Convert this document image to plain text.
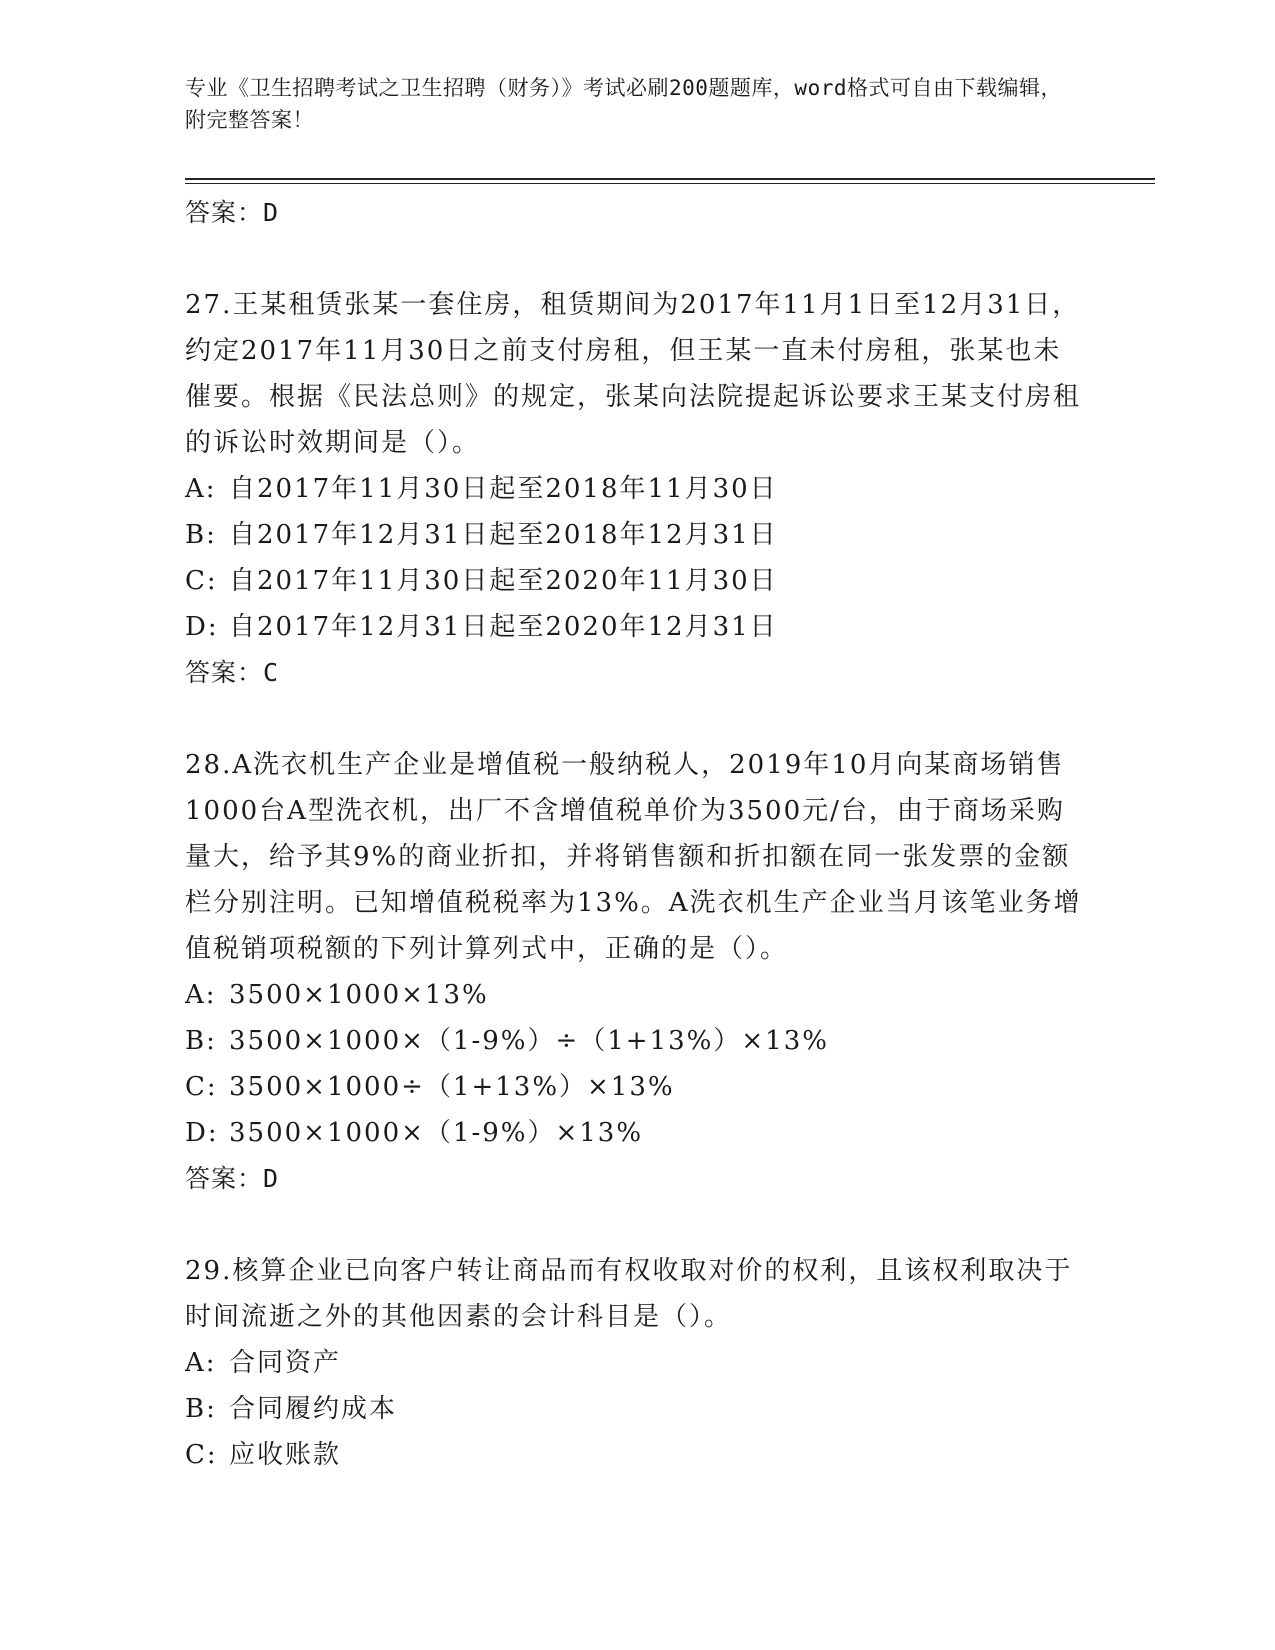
专业《卫生招聘考试之卫生招聘（财务）》考试必刷200题题库，word格式可自由下载编辑，附完整答案！
答案：D
27.王某租赁张某一套住房，租赁期间为2017年11月1日至12月31日，约定2017年11月30日之前支付房租，但王某一直未付房租，张某也未催要。根据《民法总则》的规定，张某向法院提起诉讼要求王某支付房租的诉讼时效期间是（）。
A: 自2017年11月30日起至2018年11月30日
B: 自2017年12月31日起至2018年12月31日
C: 自2017年11月30日起至2020年11月30日
D: 自2017年12月31日起至2020年12月31日
答案：C
28.A洗衣机生产企业是增值税一般纳税人，2019年10月向某商场销售1000台A型洗衣机，出厂不含增值税单价为3500元/台，由于商场采购量大，给予其9%的商业折扣，并将销售额和折扣额在同一张发票的金额栏分别注明。已知增值税税率为13%。A洗衣机生产企业当月该笔业务增值税销项税额的下列计算列式中，正确的是（）。
A: 3500×1000×13%
B: 3500×1000×（1-9%）÷（1+13%）×13%
C: 3500×1000÷（1+13%）×13%
D: 3500×1000×（1-9%）×13%
答案：D
29.核算企业已向客户转让商品而有权收取对价的权利，且该权利取决于时间流逝之外的其他因素的会计科目是（）。
A: 合同资产
B: 合同履约成本
C: 应收账款
